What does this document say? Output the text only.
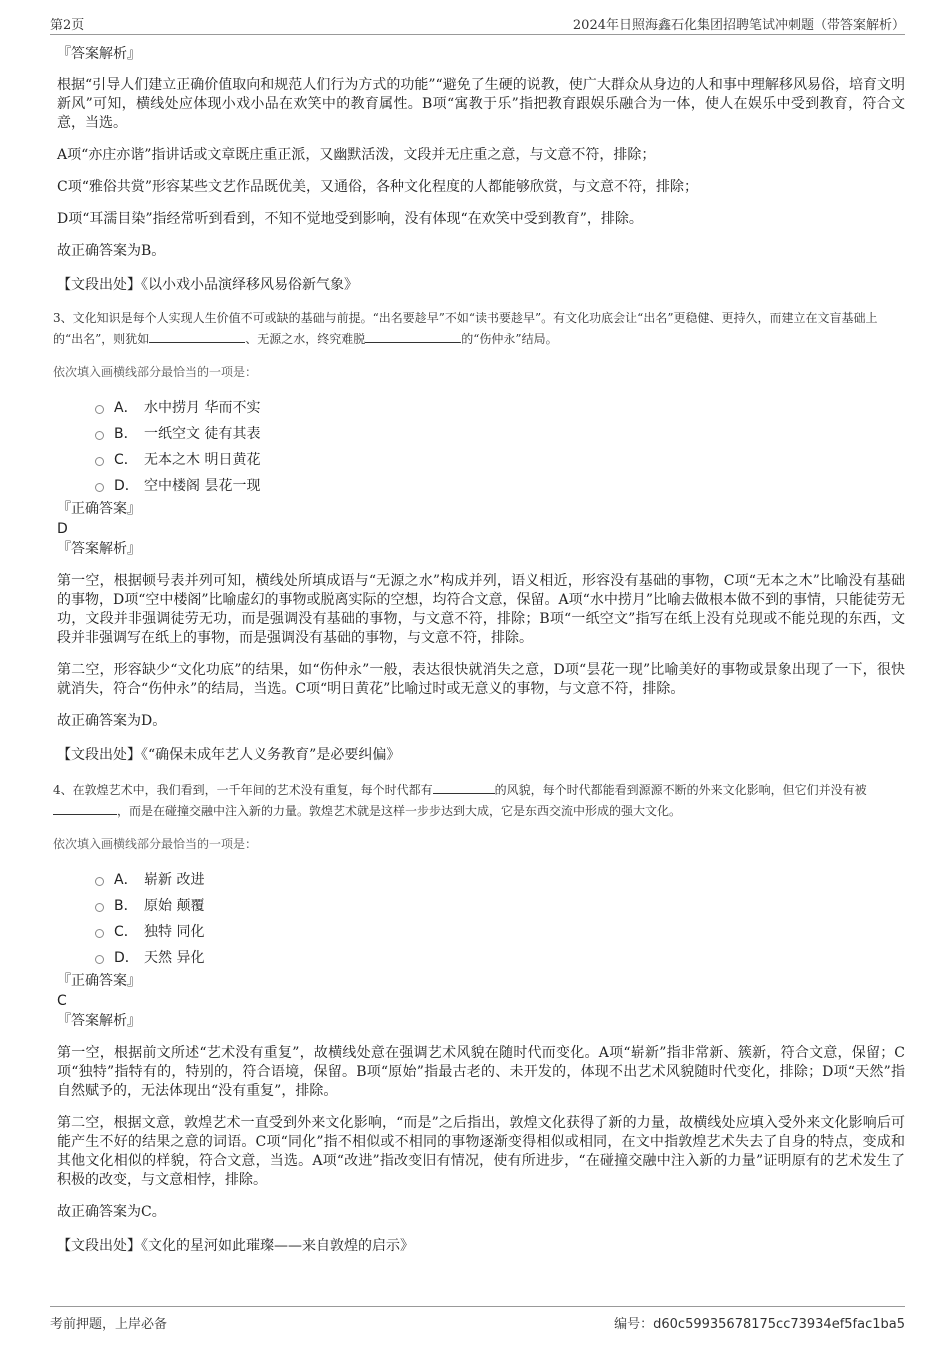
第2页	2024年日照海鑫石化集团招聘笔试冲刺题（带答案解析）

『答案解析』

根据“引导人们建立正确价值取向和规范人们行为方式的功能”“避免了生硬的说教，使广大群众从身边的人和事中理解移风易俗，培育文明新风”可知，横线处应体现小戏小品在欢笑中的教育属性。B项“寓教于乐”指把教育跟娱乐融合为一体，使人在娱乐中受到教育，符合文意，当选。

A项“亦庄亦谐”指讲话或文章既庄重正派，又幽默活泼，文段并无庄重之意，与文意不符，排除；

C项“雅俗共赏”形容某些文艺作品既优美，又通俗，各种文化程度的人都能够欣赏，与文意不符，排除；

D项“耳濡目染”指经常听到看到，不知不觉地受到影响，没有体现“在欢笑中受到教育”，排除。

故正确答案为B。

【文段出处】《以小戏小品演绎移风易俗新气象》

3、文化知识是每个人实现人生价值不可或缺的基础与前提。“出名要趁早”不如“读书要趁早”。有文化功底会让“出名”更稳健、更持久，而建立在文盲基础上的“出名”，则犹如	、无源之水，终究难脱	的“伤仲永”结局。

依次填入画横线部分最恰当的一项是：

A． 水中捞月 华而不实
B． 一纸空文 徒有其表
C． 无本之木 明日黄花
D． 空中楼阁 昙花一现

『正确答案』

D

『答案解析』

第一空，根据顿号表并列可知，横线处所填成语与“无源之水”构成并列，语义相近，形容没有基础的事物，C项“无本之木”比喻没有基础的事物，D项“空中楼阁”比喻虚幻的事物或脱离实际的空想，均符合文意，保留。A项“水中捞月”比喻去做根本做不到的事情，只能徒劳无功，文段并非强调徒劳无功，而是强调没有基础的事物，与文意不符，排除；B项“一纸空文”指写在纸上没有兑现或不能兑现的东西，文段并非强调写在纸上的事物，而是强调没有基础的事物，与文意不符，排除。

第二空，形容缺少“文化功底”的结果，如“伤仲永”一般，表达很快就消失之意，D项“昙花一现”比喻美好的事物或景象出现了一下，很快就消失，符合“伤仲永”的结局，当选。C项“明日黄花”比喻过时或无意义的事物，与文意不符，排除。

故正确答案为D。

【文段出处】《“确保未成年艺人义务教育”是必要纠偏》

4、在敦煌艺术中，我们看到，一千年间的艺术没有重复，每个时代都有	的风貌，每个时代都能看到源源不断的外来文化影响，但它们并没有被，而是在碰撞交融中注入新的力量。敦煌艺术就是这样一步步达到大成，它是东西交流中形成的强大文化。

依次填入画横线部分最恰当的一项是：

A． 崭新 改进
B． 原始 颠覆
C． 独特 同化
D． 天然 异化

『正确答案』

C

『答案解析』

第一空，根据前文所述“艺术没有重复”，故横线处意在强调艺术风貌在随时代而变化。A项“崭新”指非常新、簇新，符合文意，保留；C项“独特”指特有的，特别的，符合语境，保留。B项“原始”指最古老的、未开发的，体现不出艺术风貌随时代变化，排除；D项“天然”指自然赋予的，无法体现出“没有重复”，排除。

第二空，根据文意，敦煌艺术一直受到外来文化影响，“而是”之后指出，敦煌文化获得了新的力量，故横线处应填入受外来文化影响后可能产生不好的结果之意的词语。C项“同化”指不相似或不相同的事物逐渐变得相似或相同，在文中指敦煌艺术失去了自身的特点，变成和其他文化相似的样貌，符合文意，当选。A项“改进”指改变旧有情况，使有所进步，“在碰撞交融中注入新的力量”证明原有的艺术发生了积极的改变，与文意相悖，排除。

故正确答案为C。

【文段出处】《文化的星河如此璀璨——来自敦煌的启示》

考前押题，上岸必备	编号：d60c59935678175cc73934ef5fac1ba5
